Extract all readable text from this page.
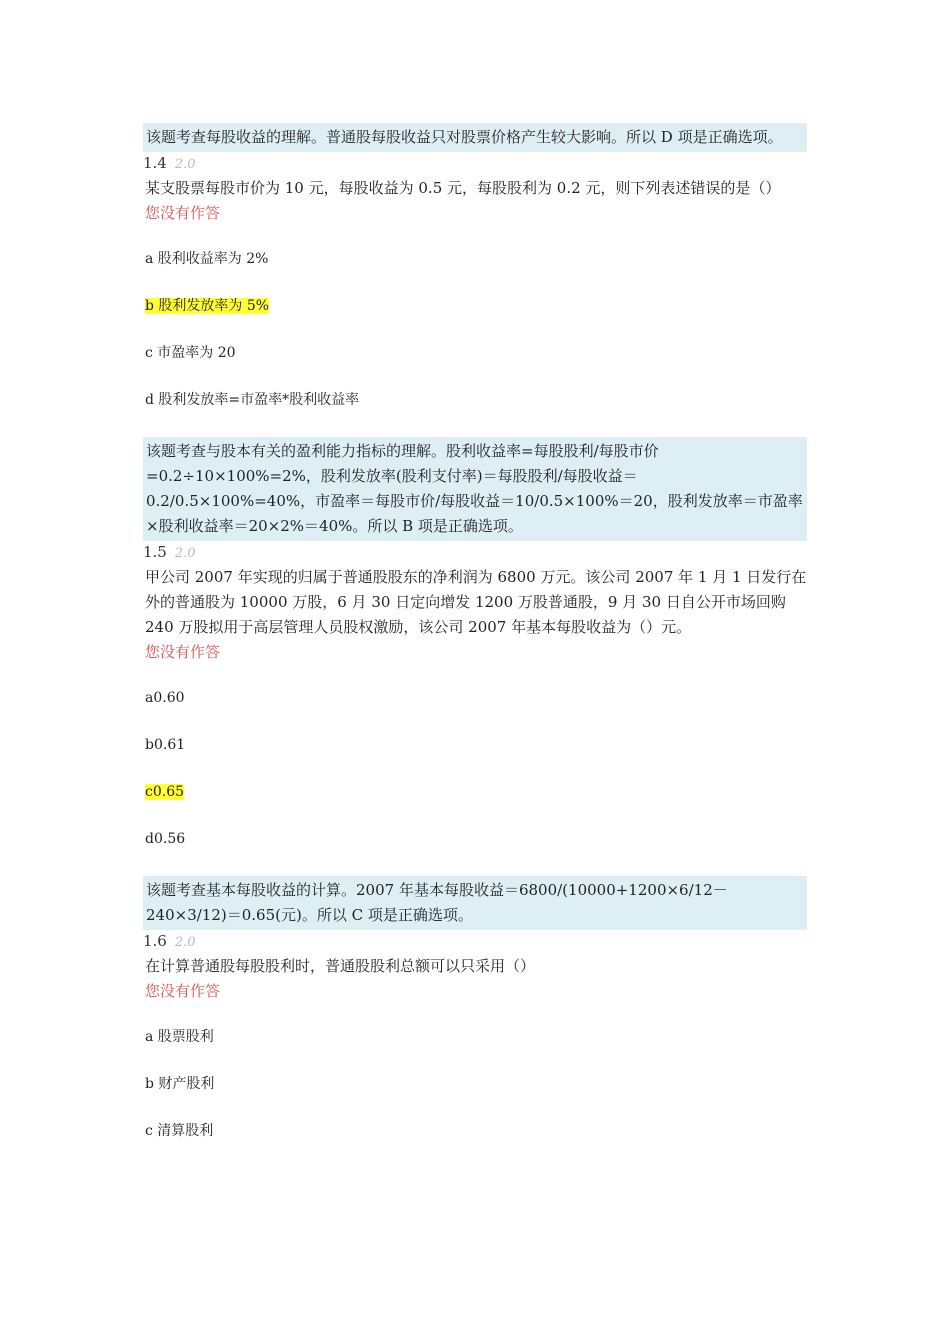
该题考查每股收益的理解。普通股每股收益只对股票价格产生较大影响。所以 D 项是正确选项。
1.4 2.0
某支股票每股市价为 10 元，每股收益为 0.5 元，每股股利为 0.2 元，则下列表述错误的是（）
您没有作答
a 股利收益率为 2%
b 股利发放率为 5%
c 市盈率为 20
d 股利发放率=市盈率*股利收益率
该题考查与股本有关的盈利能力指标的理解。股利收益率=每股股利/每股市价=0.2÷10×100%=2%，股利发放率(股利支付率)＝每股股利/每股收益＝0.2/0.5×100%=40%，市盈率＝每股市价/每股收益＝10/0.5×100%＝20，股利发放率＝市盈率×股利收益率＝20×2%＝40%。所以 B 项是正确选项。
1.5 2.0
甲公司 2007 年实现的归属于普通股股东的净利润为 6800 万元。该公司 2007 年 1 月 1 日发行在外的普通股为 10000 万股，6 月 30 日定向增发 1200 万股普通股，9 月 30 日自公开市场回购 240 万股拟用于高层管理人员股权激励，该公司 2007 年基本每股收益为（）元。
您没有作答
a0.60
b0.61
c0.65
d0.56
该题考查基本每股收益的计算。2007 年基本每股收益＝6800/(10000+1200×6/12－240×3/12)＝0.65(元)。所以 C 项是正确选项。
1.6 2.0
在计算普通股每股股利时，普通股股利总额可以只采用（）
您没有作答
a 股票股利
b 财产股利
c 清算股利
